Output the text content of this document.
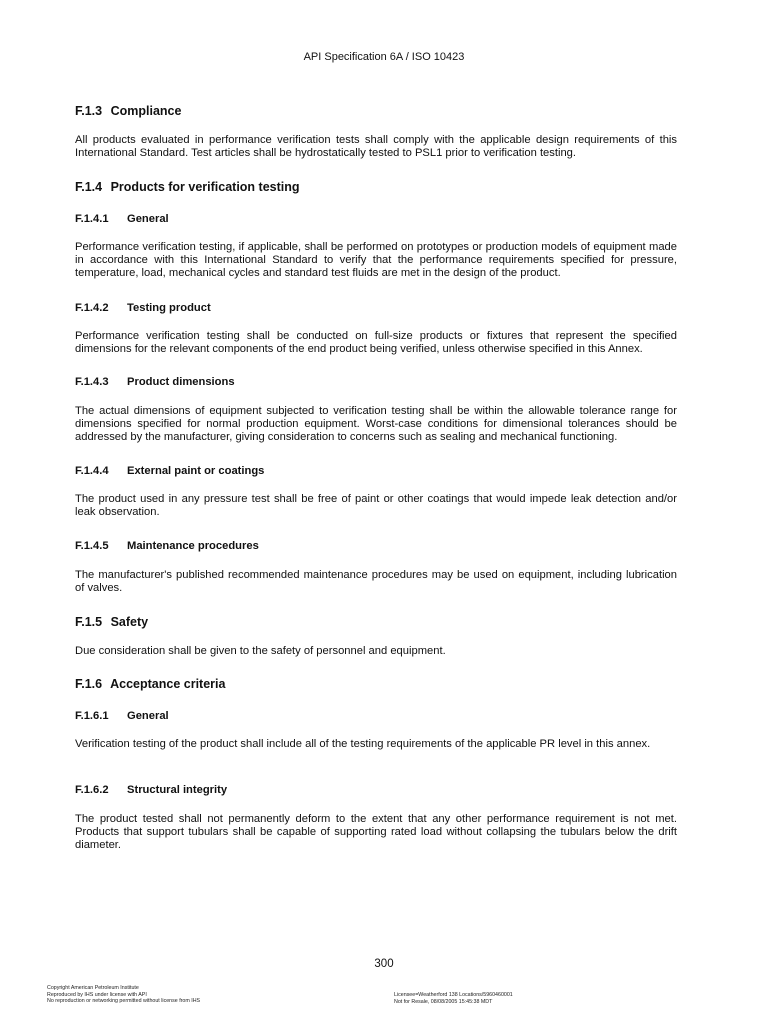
API Specification 6A / ISO 10423

F.1.3 Compliance

All products evaluated in performance verification tests shall comply with the applicable design requirements of this International Standard. Test articles shall be hydrostatically tested to PSL1 prior to verification testing.

F.1.4 Products for verification testing

F.1.4.1 General

Performance verification testing, if applicable, shall be performed on prototypes or production models of equipment made in accordance with this International Standard to verify that the performance requirements specified for pressure, temperature, load, mechanical cycles and standard test fluids are met in the design of the product.

F.1.4.2 Testing product

Performance verification testing shall be conducted on full-size products or fixtures that represent the specified dimensions for the relevant components of the end product being verified, unless otherwise specified in this Annex.

F.1.4.3 Product dimensions

The actual dimensions of equipment subjected to verification testing shall be within the allowable tolerance range for dimensions specified for normal production equipment. Worst-case conditions for dimensional tolerances should be addressed by the manufacturer, giving consideration to concerns such as sealing and mechanical functioning.

F.1.4.4 External paint or coatings

The product used in any pressure test shall be free of paint or other coatings that would impede leak detection and/or leak observation.

F.1.4.5 Maintenance procedures

The manufacturer's published recommended maintenance procedures may be used on equipment, including lubrication of valves.

F.1.5 Safety

Due consideration shall be given to the safety of personnel and equipment.

F.1.6 Acceptance criteria

F.1.6.1 General

Verification testing of the product shall include all of the testing requirements of the applicable PR level in this annex.

F.1.6.2 Structural integrity

The product tested shall not permanently deform to the extent that any other performance requirement is not met. Products that support tubulars shall be capable of supporting rated load without collapsing the tubulars below the drift diameter.

300
Copyright American Petroleum Institute
Reproduced by IHS under license with API
No reproduction or networking permitted without license from IHS
Licensee=Weatherford 138 Locations/5960460001
Not for Resale, 08/08/2005 15:45:38 MDT
